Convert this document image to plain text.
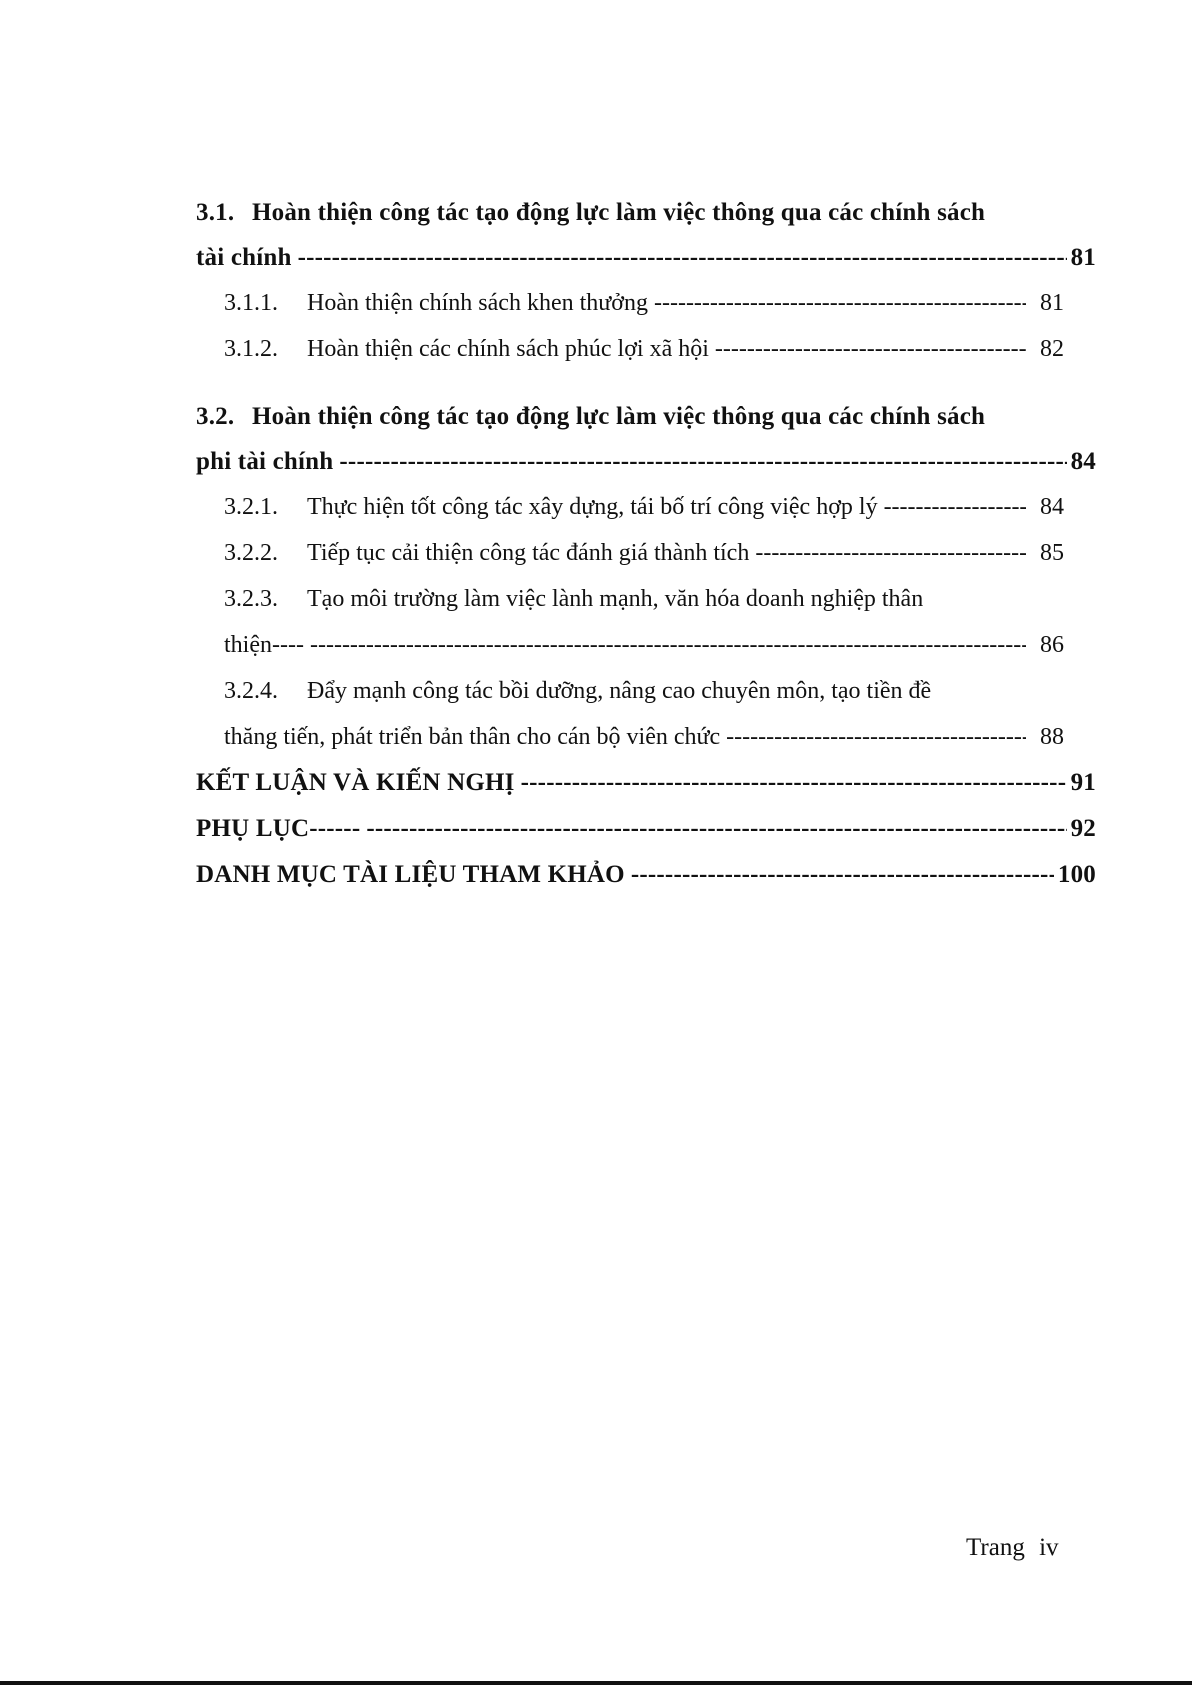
3.1. Hoàn thiện công tác tạo động lực làm việc thông qua các chính sách
tài chính -----	81
3.1.1.	Hoàn thiện chính sách khen thưởng -----	81
3.1.2.	Hoàn thiện các chính sách phúc lợi xã hội -----	82
3.2. Hoàn thiện công tác tạo động lực làm việc thông qua các chính sách
phi tài chính -----	84
3.2.1.	Thực hiện tốt công tác xây dựng, tái bố trí công việc hợp lý -----	84
3.2.2.	Tiếp tục cải thiện công tác đánh giá thành tích -----	85
3.2.3.	Tạo môi trường làm việc lành mạnh, văn hóa doanh nghiệp thân
thiện---- -----	86
3.2.4.	Đẩy mạnh công tác bồi dưỡng, nâng cao chuyên môn, tạo tiền đề
thăng tiến, phát triển bản thân cho cán bộ viên chức -----	88
KẾT LUẬN VÀ KIẾN NGHỊ -----	91
PHỤ LỤC------ -----	92
DANH MỤC TÀI LIỆU THAM KHẢO -----	100
Trang iv
